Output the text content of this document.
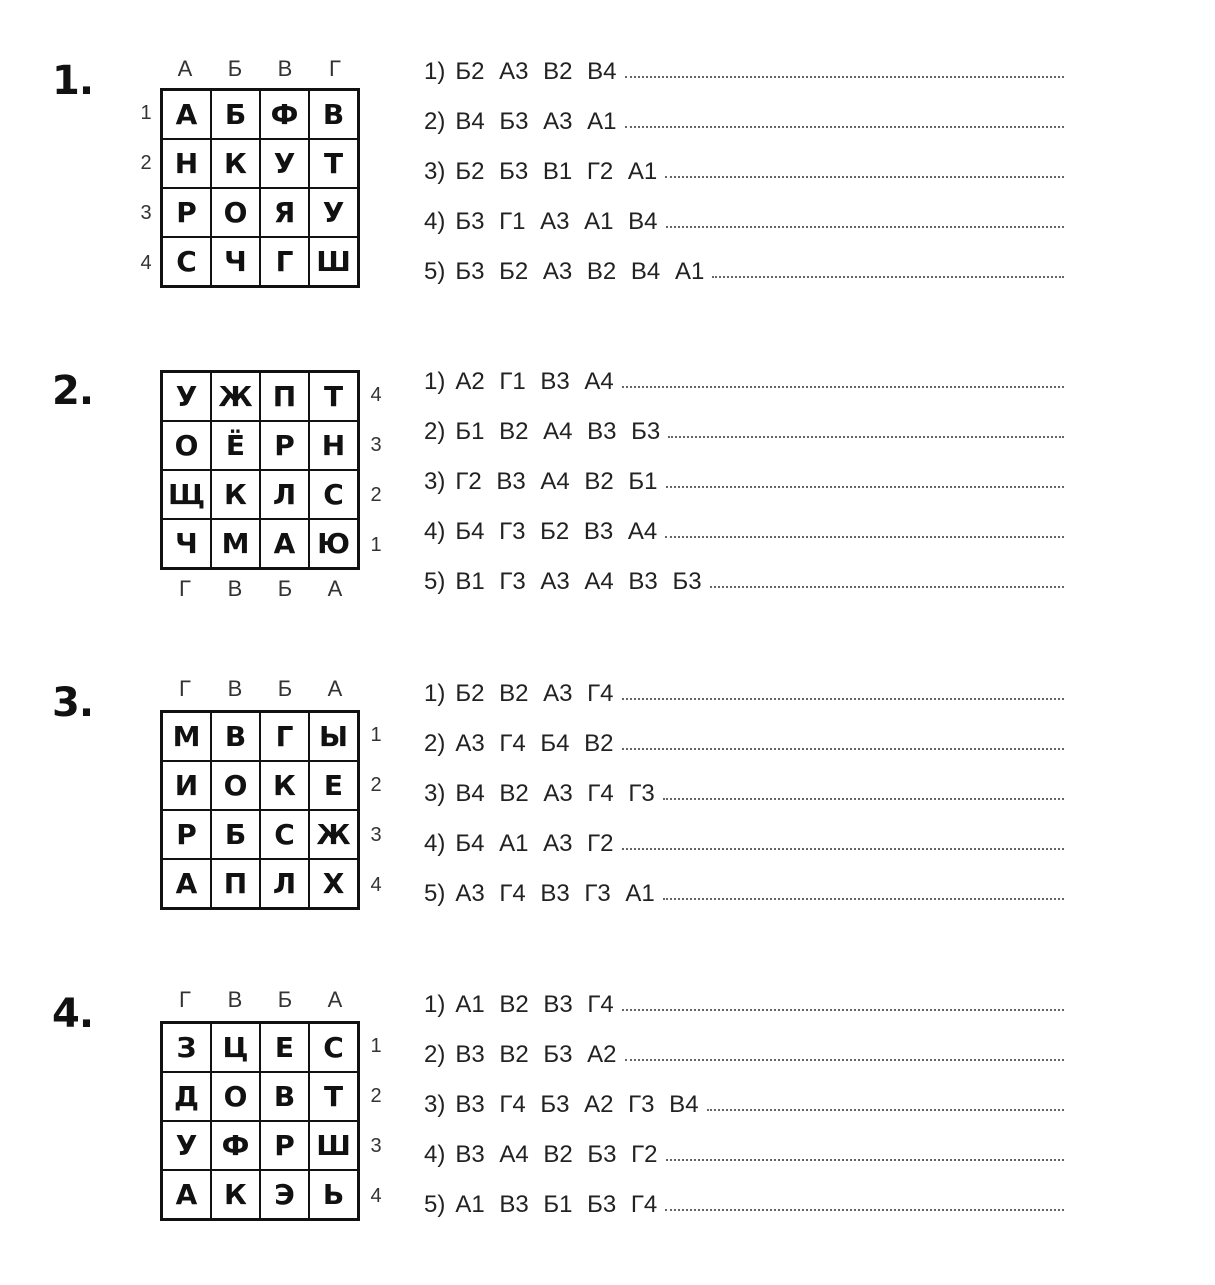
1.	А	Б	В	Г
1
2
3
4
А Б Ф В
Н К У	Т
Р О Я У
С Ч	Г Ш
1) Б2 А3 В2 В4
2) В4 Б3 А3 А1
3) Б2 Б3 В1 Г2 А1
4) Б3 Г1 А3 А1 В4
5) Б3 Б2 А3 В2 В4 А1
2.	У Ж П Т
О Ё	Р Н
Щ К Л С
Ч М А Ю
4
3
2
1
Г	В	Б	А
1) А2 Г1 В3 А4
2) Б1 В2 А4 В3 Б3
3) Г2 В3 А4 В2 Б1
4) Б4 Г3 Б2 В3 А4
5) В1 Г3 А3 А4 В3 Б3
3.	Г	В	Б	А
М В	Г Ы
И О К Е
Р	Б	С Ж
А П Л Х
1
2
3
4
1) Б2 В2 А3 Г4
2) А3 Г4 Б4 В2
3) В4 В2 А3 Г4 Г3
4) Б4 А1 А3 Г2
5) А3 Г4 В3 Г3 А1
4.	Г	В	Б	А
З Ц Е	С
Д О В	Т
У Ф Р Ш
А К Э	Ь
1
2
3
4
1) А1 В2 В3 Г4
2) В3 В2 Б3 А2
3) В3 Г4 Б3 А2 Г3 В4
4) В3 А4 В2 Б3 Г2
5) А1 В3 Б1 Б3 Г4
